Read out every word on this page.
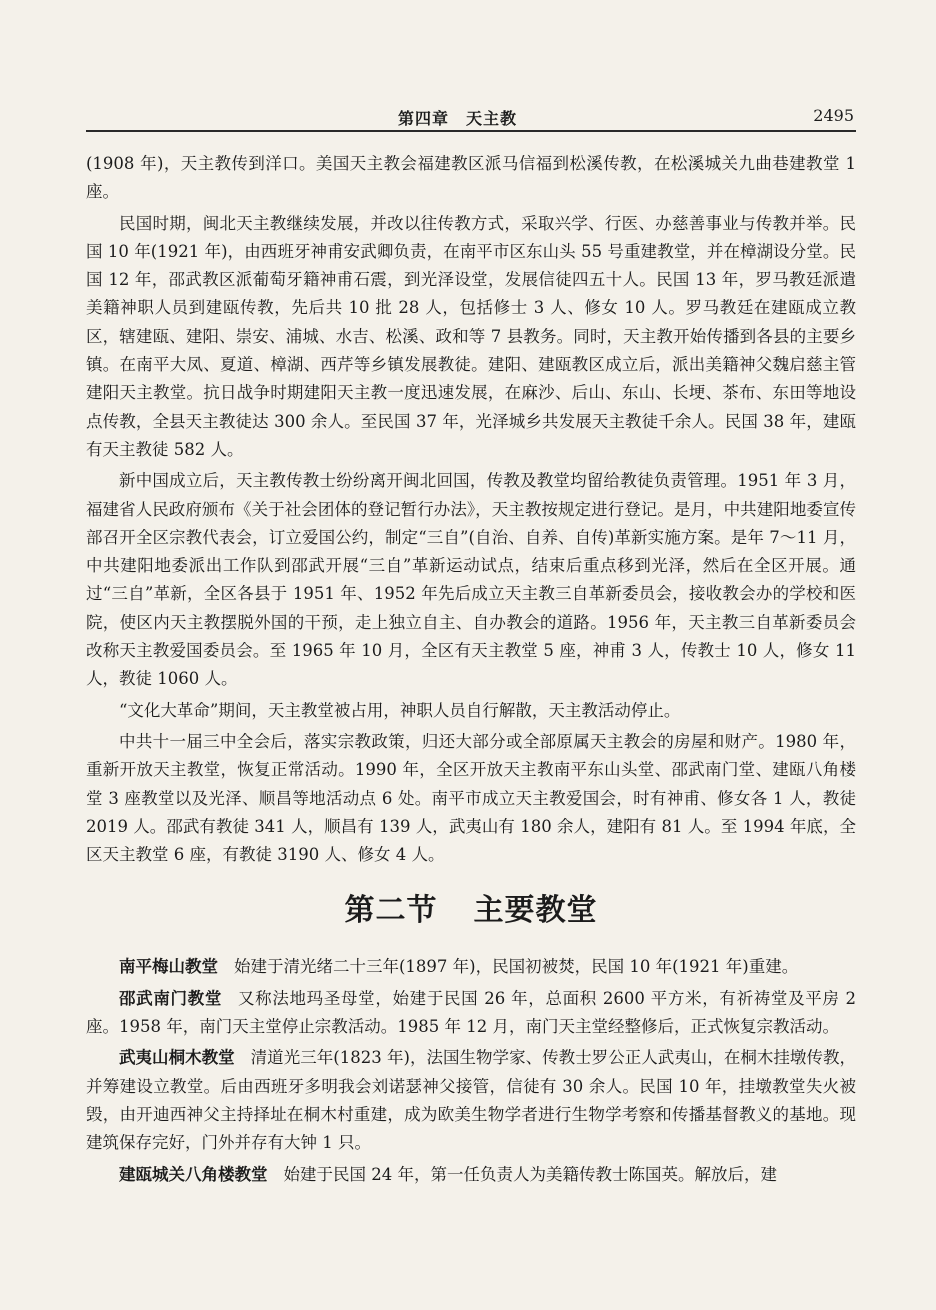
第四章　天主教	2495

(1908 年)，天主教传到洋口。美国天主教会福建教区派马信福到松溪传教，在松溪城关九曲巷建教堂 1 座。

民国时期，闽北天主教继续发展，并改以往传教方式，采取兴学、行医、办慈善事业与传教并举。民国 10 年(1921 年)，由西班牙神甫安武卿负责，在南平市区东山头 55 号重建教堂，并在樟湖设分堂。民国 12 年，邵武教区派葡萄牙籍神甫石震，到光泽设堂，发展信徒四五十人。民国 13 年，罗马教廷派遣美籍神职人员到建瓯传教，先后共 10 批 28 人，包括修士 3 人、修女 10 人。罗马教廷在建瓯成立教区，辖建瓯、建阳、崇安、浦城、水吉、松溪、政和等 7 县教务。同时，天主教开始传播到各县的主要乡镇。在南平大凤、夏道、樟湖、西芹等乡镇发展教徒。建阳、建瓯教区成立后，派出美籍神父魏启慈主管建阳天主教堂。抗日战争时期建阳天主教一度迅速发展，在麻沙、后山、东山、长埂、茶布、东田等地设点传教，全县天主教徒达 300 余人。至民国 37 年，光泽城乡共发展天主教徒千余人。民国 38 年，建瓯有天主教徒 582 人。

新中国成立后，天主教传教士纷纷离开闽北回国，传教及教堂均留给教徒负责管理。1951 年 3 月，福建省人民政府颁布《关于社会团体的登记暂行办法》，天主教按规定进行登记。是月，中共建阳地委宣传部召开全区宗教代表会，订立爱国公约，制定“三自”(自治、自养、自传)革新实施方案。是年 7～11 月，中共建阳地委派出工作队到邵武开展“三自”革新运动试点，结束后重点移到光泽，然后在全区开展。通过“三自”革新，全区各县于 1951 年、1952 年先后成立天主教三自革新委员会，接收教会办的学校和医院，使区内天主教摆脱外国的干预，走上独立自主、自办教会的道路。1956 年，天主教三自革新委员会改称天主教爱国委员会。至 1965 年 10 月，全区有天主教堂 5 座，神甫 3 人，传教士 10 人，修女 11 人，教徒 1060 人。

“文化大革命”期间，天主教堂被占用，神职人员自行解散，天主教活动停止。

中共十一届三中全会后，落实宗教政策，归还大部分或全部原属天主教会的房屋和财产。1980 年，重新开放天主教堂，恢复正常活动。1990 年，全区开放天主教南平东山头堂、邵武南门堂、建瓯八角楼堂 3 座教堂以及光泽、顺昌等地活动点 6 处。南平市成立天主教爱国会，时有神甫、修女各 1 人，教徒 2019 人。邵武有教徒 341 人，顺昌有 139 人，武夷山有 180 余人，建阳有 81 人。至 1994 年底，全区天主教堂 6 座，有教徒 3190 人、修女 4 人。

第二节 主要教堂

南平梅山教堂 始建于清光绪二十三年(1897 年)，民国初被焚，民国 10 年(1921 年)重建。

邵武南门教堂 又称法地玛圣母堂，始建于民国 26 年，总面积 2600 平方米，有祈祷堂及平房 2 座。1958 年，南门天主堂停止宗教活动。1985 年 12 月，南门天主堂经整修后，正式恢复宗教活动。

武夷山桐木教堂 清道光三年(1823 年)，法国生物学家、传教士罗公正人武夷山，在桐木挂墩传教，并筹建设立教堂。后由西班牙多明我会刘诺瑟神父接管，信徒有 30 余人。民国 10 年，挂墩教堂失火被毁，由开迪西神父主持择址在桐木村重建，成为欧美生物学者进行生物学考察和传播基督教义的基地。现建筑保存完好，门外并存有大钟 1 只。

建瓯城关八角楼教堂 始建于民国 24 年，第一任负责人为美籍传教士陈国英。解放后，建
